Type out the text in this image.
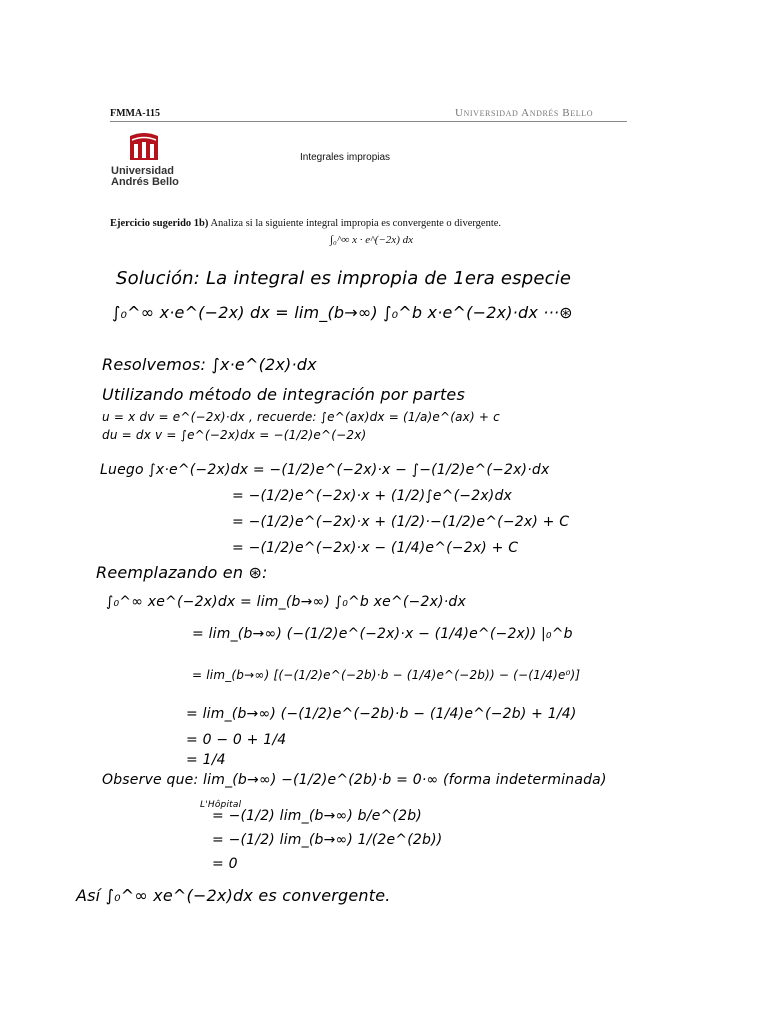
FMMA-115	Universidad Andrés Bello
Universidad
Andrés Bello
Integrales impropias
Ejercicio sugerido 1b) Analiza si la siguiente integral impropia es convergente o divergente.
∫₀^∞ x · e^(−2x) dx
Solución: La integral es impropia de 1era especie
∫₀^∞ x·e^(−2x) dx = lim_(b→∞) ∫₀^b x·e^(−2x)·dx ···⊛
Resolvemos: ∫x·e^(2x)·dx
Utilizando método de integración por partes
u = x dv = e^(−2x)·dx , recuerde: ∫e^(ax)dx = (1/a)e^(ax) + c
du = dx v = ∫e^(−2x)dx = −(1/2)e^(−2x)
Luego ∫x·e^(−2x)dx = −(1/2)e^(−2x)·x − ∫−(1/2)e^(−2x)·dx
= −(1/2)e^(−2x)·x + (1/2)∫e^(−2x)dx
= −(1/2)e^(−2x)·x + (1/2)·−(1/2)e^(−2x) + C
= −(1/2)e^(−2x)·x − (1/4)e^(−2x) + C
Reemplazando en ⊛:
∫₀^∞ xe^(−2x)dx = lim_(b→∞) ∫₀^b xe^(−2x)·dx
= lim_(b→∞) (−(1/2)e^(−2x)·x − (1/4)e^(−2x)) |₀^b
= lim_(b→∞) [(−(1/2)e^(−2b)·b − (1/4)e^(−2b)) − (−(1/4)e⁰)]
= lim_(b→∞) (−(1/2)e^(−2b)·b − (1/4)e^(−2b) + 1/4)
= 0 − 0 + 1/4
= 1/4
Observe que: lim_(b→∞) −(1/2)e^(2b)·b = 0·∞ (forma indeterminada)
L'Hôpital
= −(1/2) lim_(b→∞) b/e^(2b)
= −(1/2) lim_(b→∞) 1/(2e^(2b))
= 0
Así ∫₀^∞ xe^(−2x)dx es convergente.
